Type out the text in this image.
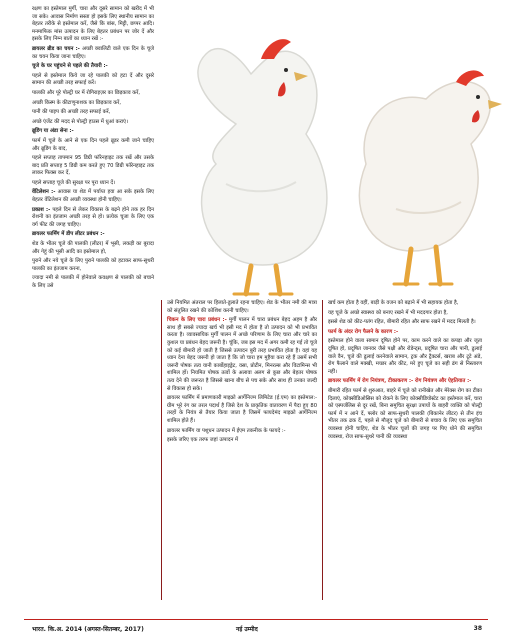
रक्षण का इस्तेमाल मुर्गी, चारा और दूसरे सामान को खरीद में भी जा सके। आवास निर्माण सस्ता हो इसके लिए स्थानीय सामान का बेहतर तरीके से इस्तेमाल करें, जैसे कि बांस, मिट्टी, छप्पर आदि। मनमाफिक मांस उत्पादन के लिए बेहतर प्रबंधन पर जोर दें और इसके लिए निम्न बातों का ध्यान रखें :-

ब्रायलर ब्रीड का चयन :- अच्छी क्वालिटी वाले एक दिन के चूजे का चयन किया जाना चाहिए।

चूजे के घर पहुंचने से पहले की तैयारी :-

पहले से इस्तेमाल किये जा रहे पालकी को हटा दें और दूसरे सामान की अच्छी तरह सफाई करें।

पालकी और पूरे पोल्ट्री घर में रोगिराइज़र का छिड़काव करें,

अच्छी किस्म के कीटाणुनाशक का छिड़काव करें,

पानी की पाइप की अच्छी तरह सफाई करें,

अच्छे एंजेंट की मदद से पोल्ट्री हाउस में धुआं कराएं।

ब्रूडिंग या अंडा सेना :-

फार्म में चूजे के आने से एक दिन पहले ब्रूडर कमी जाने चाहिए और ब्रूडिंग के बाद,

पहले सप्ताह तापमान 95 डिग्री फॉरेनहाइट तक रखें और उसके बाद प्रति सप्ताह 5 डिग्री कम करते हुए 70 डिग्री फॉरेनहाइट तक लाकर फिक्स कर दें,

पहले सप्ताह चूजे की सुरक्षा पर पूरा ध्यान दें।

वेंटिलेशन :- आवास या शेड में पर्याप्त हवा आ सके इसके लिए बेहतर वेंटिलेशन की अच्छी व्यवस्था होनी चाहिए।

प्रकाश :- पहले दिन से लेकर विकास के बढ़ने होने तक हर दिन रोशनी का इंतजाम अच्छी तरह से हो। प्रत्येक चूजा के लिए एक वर्ग फीट की जगह चाहिए।

ब्रायलर फार्मिंग में डीप लीटर प्रबंधन :-

शेड के भीतर चूजे की पालकी (लीटर) में भूसी, लकड़ी का बुरादा और गेहूं की भूसी आदि का इस्तेमाल हो,

पुराने और नये चूजे के लिए पुराने पालकी को हटाकर साफ-सुथरी पालकी का इंतजाम करना,

ज्यादा नमी से पालकी में होनेवाले कवक्षण से पालकी को बचाने के लिए उसे

उसे नियमित अंतराल पर हिलाते-डुलाते रहना चाहिए। शेड के भीतर नमी की मात्रा को संतुलित रखने की कोशिश करनी चाहिए।

चिकन के लिए चारा प्रबंधन :- मुर्गी पालन में चारा प्रबंधन बेहद अहम है और साथ ही सबसे ज्यादा खर्च भी इसी मद में होता है तो उत्पादन को भी प्रभावित करता है। व्यावसायिक मुर्गी पालन में अच्छे परिणाम के लिए चारा और चारे का कुशल या प्रबंधन बेहद जरूरी है। चूंकि, जब इस मद में अगर कमी रह गई तो चूजे को कई बीमारी हो जाती है जिससे उत्पादन बुरी तरह प्रभावित होता है। वहां यह ध्यान देना बेहद जरूरी हो जाता है कि जो चारा हम मुहैया करा रहे हैं उसमें सभी जरूरी पोषक तत्व यानी कार्बोहाइड्रेट, वसा, प्रोटीन, मिनरल्स और विटामिन्स भी शामिल हों। नियमित पोषक तत्वों के अलावा अलग से कुछ और बेहतर पोषक तत्व देने की जरूरत है जिससे खाना बीच से पच सके और साथ ही उनका जल्दी से विकास हो सके।

ब्रायलर फार्मिंग में प्रमाणकारी माइक्रो आर्गेनिज्म लिमिटेड (ई.एम) का इस्तेमाल:- ग्रीम भूरे रंग का तरल पदार्थ है जिसे देश के प्राकृतिक वातावरण में पैदा हुए 80 तरहों के नियंत्र से तैयार किया जाता है जिसमें फायदेमंद माइक्रो आर्गेनिज्म शामिल होते हैं।

ब्रायलर फार्मिंग या पशुधन उत्पादन में ईएम तकनीक के फायदे :-

इसके जरिए एक तरफ जहां उत्पादन में

खर्च कम होता है वहीं, बाड़ी के वजन को बढ़ाने में भी सहायक होता है,

यह चूजे के अच्छे स्वास्थ्य को बनाए रखने में भी मददगार होता है,

इससे शेड को कीट-पतंग रहित, बीमारी रहित और साफ रखने में मदद मिलती है।

फार्म के अंदर रोग फैलने के कारण :-

इस्तेमाल होने वाला सामान दूषित होने पर, काम करने वाले का कपड़ा और जूता दूषित हो, प्रदूषित जानवर जैसे पक्षी और रोडेन्ट्स, प्रदूषित चारा और पानी, ढुलाई वाले वैन, चूजे की ढुलाई करनेवाले सामान, ट्रक और ट्रैक्टर्स, खराब और टूटे अंडे, रोग फैलाने वाले मक्खी, मच्छर और कीट, मरे हुए चूजे का सही ढंग से निस्तारण नहीं।

ब्रायलर फार्मिंग में रोग नियंत्रण, टीकाकरण :- रोग नियंत्रण और ऐहतियात :-

बीमारी रहित फार्म से शुरुआत, बाहरे में चूजे को रानीखेत और मेरेक्स रोग का टीका दिलाएं, कोक्सीडिओसिस को रोकने के लिए कोक्सीडियोस्टेट का इस्तेमाल करें, चारा को एस्पर्जलिस से दूर रखें, बिना समुचित सुरक्षा उपायों के बाहरी व्यक्ति को पोल्ट्री फार्म में न आने दें, फ्लोर को साफ-सुथरी पालकी (बिकानेर लीटर) से तीन इंच भीतर तक ढक दें, पहले से मौजूद चूजे को बीमारी से बचाव के लिए एक समुचित व्यवस्था होनी चाहिए, शेड के भीतर चूजों की जगह पर पिए धोने की समुचित व्यवस्था, रोज साफ-सुथरे पानी की व्यवस्था

भारत. कि.अ. 2014 (अगस्त-सितम्बर, 2017)	नई उम्मीद	38
